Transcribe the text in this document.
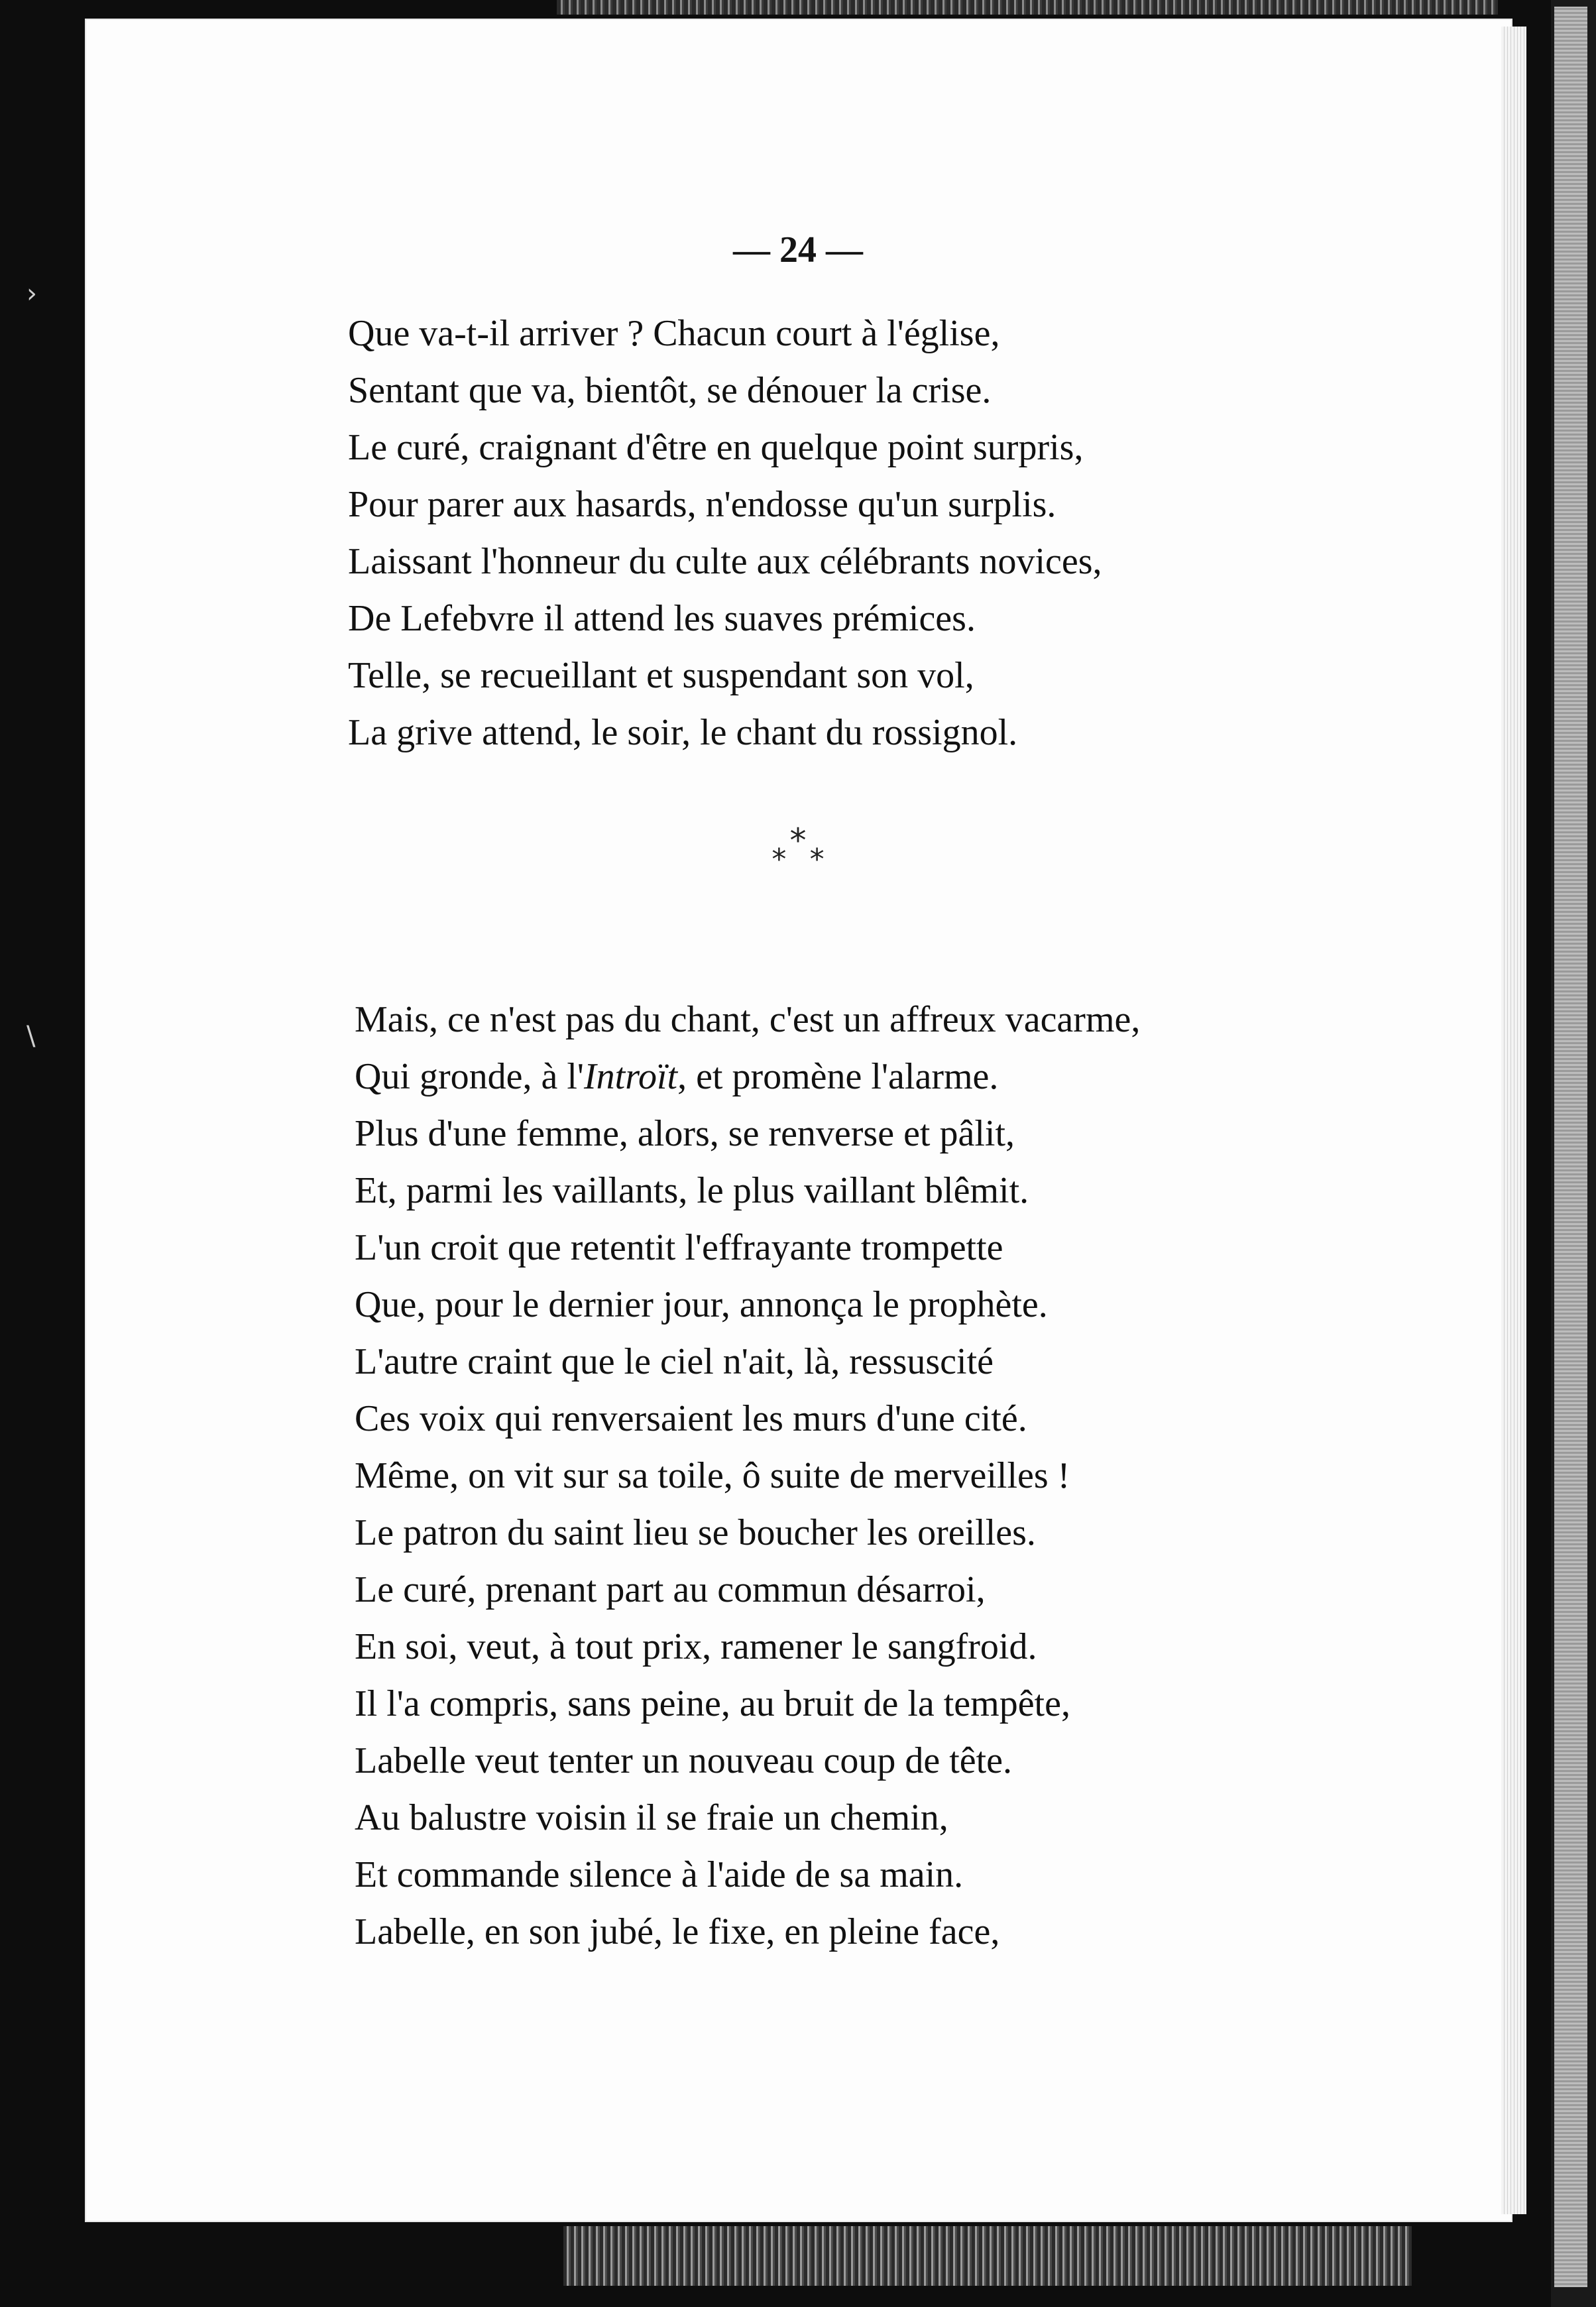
›
\
— 24 —
Que va-t-il arriver ? Chacun court à l'église,
Sentant que va, bientôt, se dénouer la crise.
Le curé, craignant d'être en quelque point surpris,
Pour parer aux hasards, n'endosse qu'un surplis.
Laissant l'honneur du culte aux célébrants novices,
De Lefebvre il attend les suaves prémices.
Telle, se recueillant et suspendant son vol,
La grive attend, le soir, le chant du rossignol.
* * *
Mais, ce n'est pas du chant, c'est un affreux vacarme,
Qui gronde, à l'Introït, et promène l'alarme.
Plus d'une femme, alors, se renverse et pâlit,
Et, parmi les vaillants, le plus vaillant blêmit.
L'un croit que retentit l'effrayante trompette
Que, pour le dernier jour, annonça le prophète.
L'autre craint que le ciel n'ait, là, ressuscité
Ces voix qui renversaient les murs d'une cité.
Même, on vit sur sa toile, ô suite de merveilles !
Le patron du saint lieu se boucher les oreilles.
Le curé, prenant part au commun désarroi,
En soi, veut, à tout prix, ramener le sangfroid.
Il l'a compris, sans peine, au bruit de la tempête,
Labelle veut tenter un nouveau coup de tête.
Au balustre voisin il se fraie un chemin,
Et commande silence à l'aide de sa main.
Labelle, en son jubé, le fixe, en pleine face,
